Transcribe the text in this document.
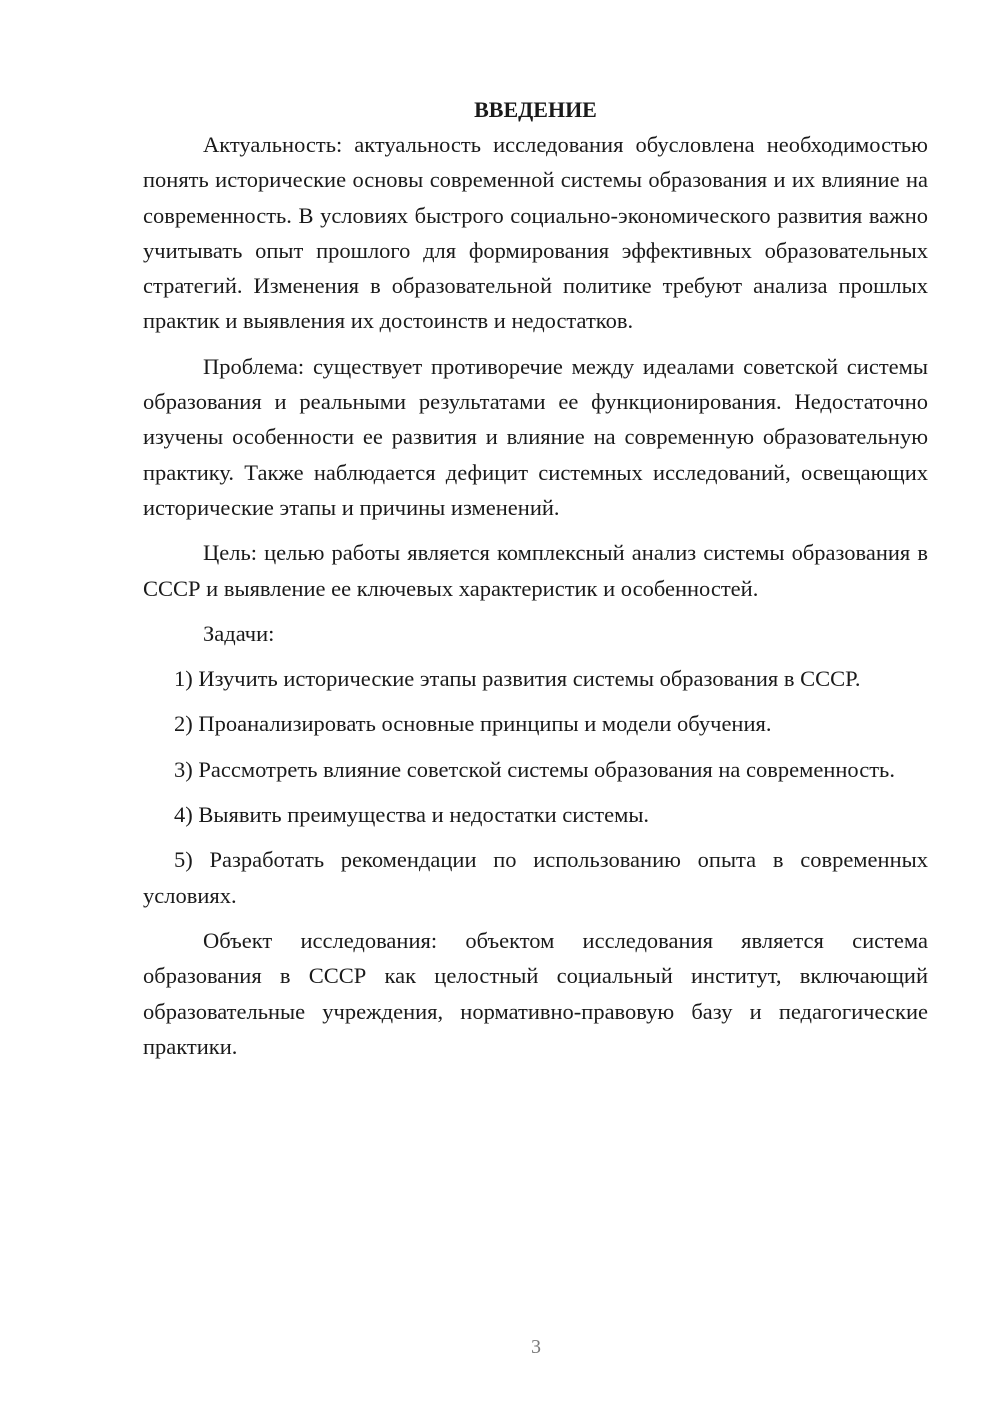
ВВЕДЕНИЕ

Актуальность: актуальность исследования обусловлена необходимостью понять исторические основы современной системы образования и их влияние на современность. В условиях быстрого социально-экономического развития важно учитывать опыт прошлого для формирования эффективных образовательных стратегий. Изменения в образовательной политике требуют анализа прошлых практик и выявления их достоинств и недостатков.

Проблема: существует противоречие между идеалами советской системы образования и реальными результатами ее функционирования. Недостаточно изучены особенности ее развития и влияние на современную образовательную практику. Также наблюдается дефицит системных исследований, освещающих исторические этапы и причины изменений.

Цель: целью работы является комплексный анализ системы образования в СССР и выявление ее ключевых характеристик и особенностей.

Задачи:

1) Изучить исторические этапы развития системы образования в СССР.

2) Проанализировать основные принципы и модели обучения.

3) Рассмотреть влияние советской системы образования на современность.

4) Выявить преимущества и недостатки системы.

5) Разработать рекомендации по использованию опыта в современных условиях.

Объект исследования: объектом исследования является система образования в СССР как целостный социальный институт, включающий образовательные учреждения, нормативно-правовую базу и педагогические практики.

3
